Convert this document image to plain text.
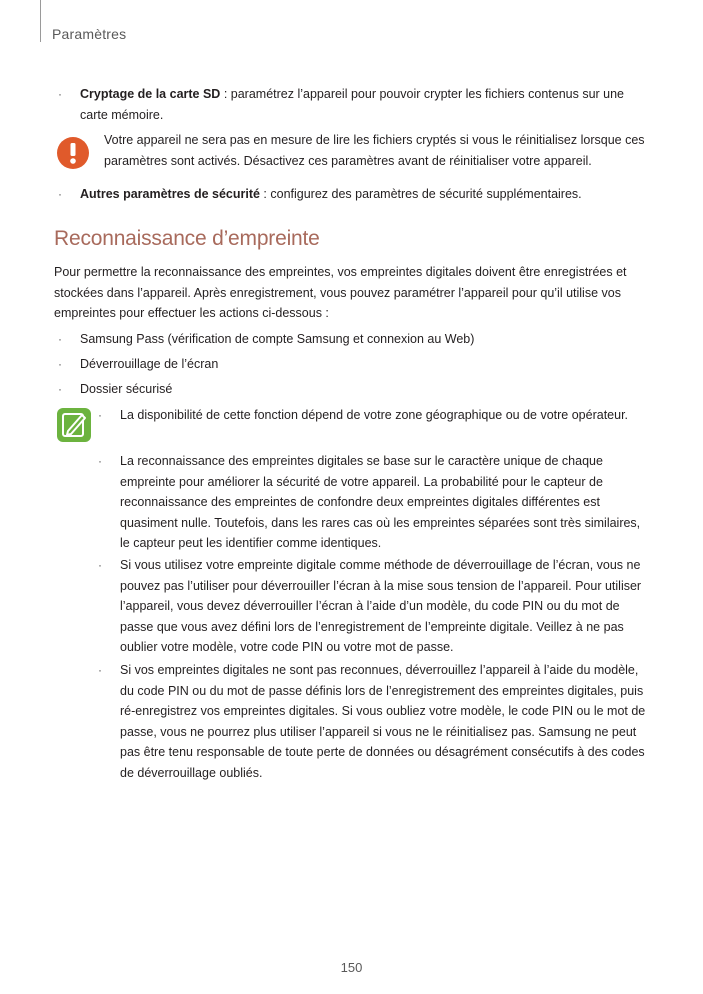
Paramètres
· Cryptage de la carte SD : paramétrez l’appareil pour pouvoir crypter les fichiers contenus sur une carte mémoire.
Votre appareil ne sera pas en mesure de lire les fichiers cryptés si vous le réinitialisez lorsque ces paramètres sont activés. Désactivez ces paramètres avant de réinitialiser votre appareil.
· Autres paramètres de sécurité : configurez des paramètres de sécurité supplémentaires.
Reconnaissance d’empreinte
Pour permettre la reconnaissance des empreintes, vos empreintes digitales doivent être enregistrées et stockées dans l’appareil. Après enregistrement, vous pouvez paramétrer l’appareil pour qu’il utilise vos empreintes pour effectuer les actions ci-dessous :
· Samsung Pass (vérification de compte Samsung et connexion au Web)
· Déverrouillage de l’écran
· Dossier sécurisé
· La disponibilité de cette fonction dépend de votre zone géographique ou de votre opérateur.
· La reconnaissance des empreintes digitales se base sur le caractère unique de chaque empreinte pour améliorer la sécurité de votre appareil. La probabilité pour le capteur de reconnaissance des empreintes de confondre deux empreintes digitales différentes est quasiment nulle. Toutefois, dans les rares cas où les empreintes séparées sont très similaires, le capteur peut les identifier comme identiques.
· Si vous utilisez votre empreinte digitale comme méthode de déverrouillage de l’écran, vous ne pouvez pas l’utiliser pour déverrouiller l’écran à la mise sous tension de l’appareil. Pour utiliser l’appareil, vous devez déverrouiller l’écran à l’aide d’un modèle, du code PIN ou du mot de passe que vous avez défini lors de l’enregistrement de l’empreinte digitale. Veillez à ne pas oublier votre modèle, votre code PIN ou votre mot de passe.
· Si vos empreintes digitales ne sont pas reconnues, déverrouillez l’appareil à l’aide du modèle, du code PIN ou du mot de passe définis lors de l’enregistrement des empreintes digitales, puis ré-enregistrez vos empreintes digitales. Si vous oubliez votre modèle, le code PIN ou le mot de passe, vous ne pourrez plus utiliser l’appareil si vous ne le réinitialisez pas. Samsung ne peut pas être tenu responsable de toute perte de données ou désagrément consécutifs à des codes de déverrouillage oubliés.
150
